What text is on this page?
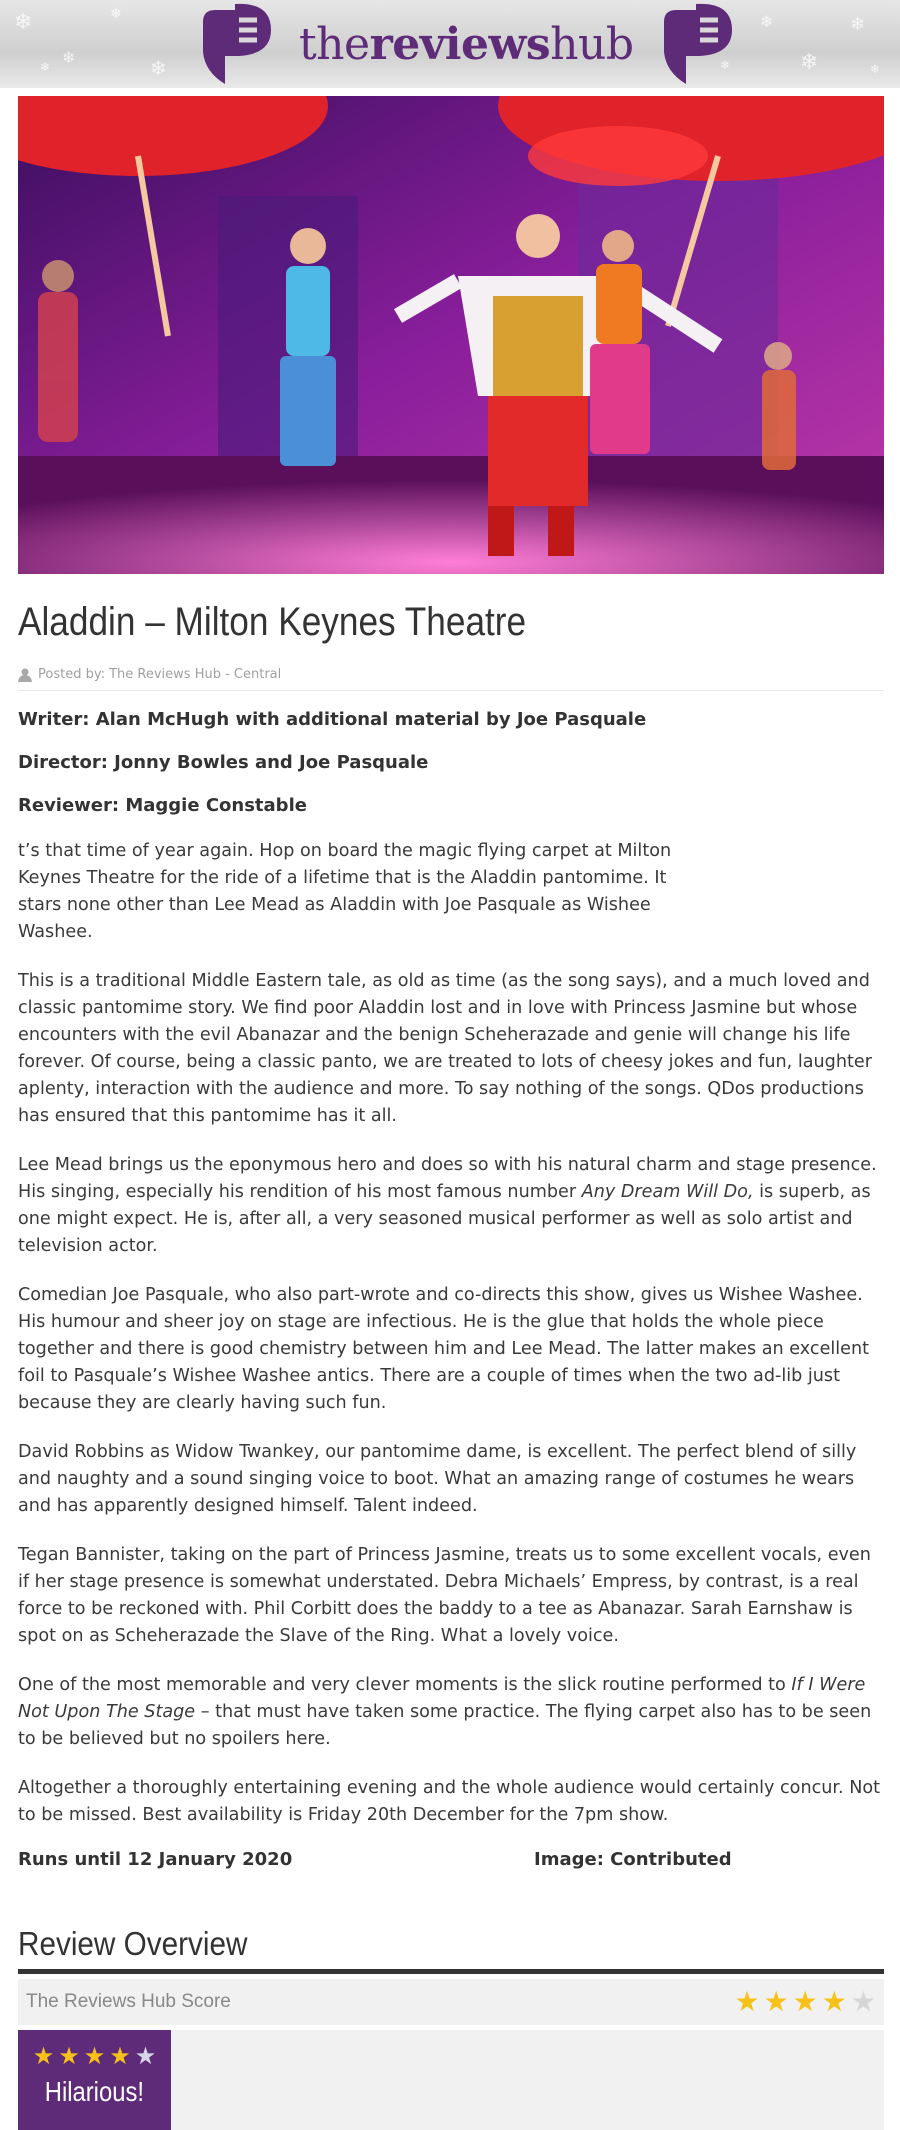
❄
❄
❄
❄
❄
❄
❄
❄
❄	❄
thereviewshub
Aladdin – Milton Keynes Theatre
Posted by: The Reviews Hub - Central

Writer: Alan McHugh with additional material by Joe Pasquale

Director: Jonny Bowles and Joe Pasquale

Reviewer: Maggie Constable

t’s that time of year again. Hop on board the magic flying carpet at Milton Keynes Theatre for the ride of a lifetime that is the Aladdin pantomime. It stars none other than Lee Mead as Aladdin with Joe Pasquale as Wishee Washee.

This is a traditional Middle Eastern tale, as old as time (as the song says), and a much loved and classic pantomime story. We find poor Aladdin lost and in love with Princess Jasmine but whose encounters with the evil Abanazar and the benign Scheherazade and genie will change his life forever. Of course, being a classic panto, we are treated to lots of cheesy jokes and fun, laughter aplenty, interaction with the audience and more. To say nothing of the songs. QDos productions has ensured that this pantomime has it all.

Lee Mead brings us the eponymous hero and does so with his natural charm and stage presence. His singing, especially his rendition of his most famous number Any Dream Will Do, is superb, as one might expect. He is, after all, a very seasoned musical performer as well as solo artist and television actor.

Comedian Joe Pasquale, who also part-wrote and co-directs this show, gives us Wishee Washee. His humour and sheer joy on stage are infectious. He is the glue that holds the whole piece together and there is good chemistry between him and Lee Mead. The latter makes an excellent foil to Pasquale’s Wishee Washee antics. There are a couple of times when the two ad-lib just because they are clearly having such fun.

David Robbins as Widow Twankey, our pantomime dame, is excellent. The perfect blend of silly and naughty and a sound singing voice to boot. What an amazing range of costumes he wears and has apparently designed himself. Talent indeed.

Tegan Bannister, taking on the part of Princess Jasmine, treats us to some excellent vocals, even if her stage presence is somewhat understated. Debra Michaels’ Empress, by contrast, is a real force to be reckoned with. Phil Corbitt does the baddy to a tee as Abanazar. Sarah Earnshaw is spot on as Scheherazade the Slave of the Ring. What a lovely voice.

One of the most memorable and very clever moments is the slick routine performed to If I Were Not Upon The Stage – that must have taken some practice. The flying carpet also has to be seen to be believed but no spoilers here.

Altogether a thoroughly entertaining evening and the whole audience would certainly concur. Not to be missed. Best availability is Friday 20th December for the 7pm show.

Runs until 12 January 2020	Image: Contributed
Review Overview
The Reviews Hub Score	★ ★ ★ ★ ★
★ ★ ★ ★ ★
Hilarious!
